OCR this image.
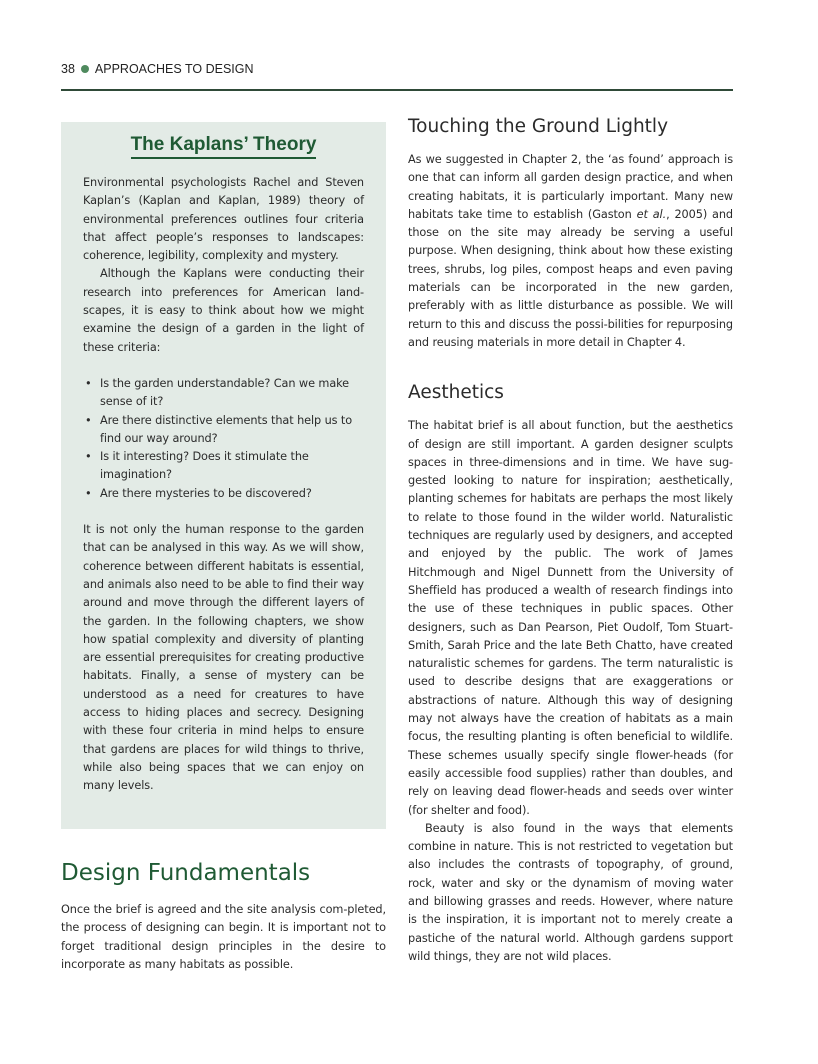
38 APPROACHES TO DESIGN
The Kaplans’ Theory

Environmental psychologists Rachel and Steven Kaplan’s (Kaplan and Kaplan, 1989) theory of environmental preferences outlines four criteria that affect people’s responses to landscapes: coherence, legibility, complexity and mystery.

Although the Kaplans were conducting their research into preferences for American land-scapes, it is easy to think about how we might examine the design of a garden in the light of these criteria:

• Is the garden understandable? Can we make sense of it?
• Are there distinctive elements that help us to find our way around?
• Is it interesting? Does it stimulate the imagination?
• Are there mysteries to be discovered?

It is not only the human response to the garden that can be analysed in this way. As we will show, coherence between different habitats is essential, and animals also need to be able to find their way around and move through the different layers of the garden. In the following chapters, we show how spatial complexity and diversity of planting are essential prerequisites for creating productive habitats. Finally, a sense of mystery can be understood as a need for creatures to have access to hiding places and secrecy. Designing with these four criteria in mind helps to ensure that gardens are places for wild things to thrive, while also being spaces that we can enjoy on many levels.

Design Fundamentals

Once the brief is agreed and the site analysis com-pleted, the process of designing can begin. It is important not to forget traditional design principles in the desire to incorporate as many habitats as possible.

Touching the Ground Lightly

As we suggested in Chapter 2, the ‘as found’ approach is one that can inform all garden design practice, and when creating habitats, it is particularly important. Many new habitats take time to establish (Gaston et al., 2005) and those on the site may already be serving a useful purpose. When designing, think about how these existing trees, shrubs, log piles, compost heaps and even paving materials can be incorporated in the new garden, preferably with as little disturbance as possible. We will return to this and discuss the possi-bilities for repurposing and reusing materials in more detail in Chapter 4.

Aesthetics

The habitat brief is all about function, but the aesthetics of design are still important. A garden designer sculpts spaces in three-dimensions and in time. We have sug-gested looking to nature for inspiration; aesthetically, planting schemes for habitats are perhaps the most likely to relate to those found in the wilder world. Naturalistic techniques are regularly used by designers, and accepted and enjoyed by the public. The work of James Hitchmough and Nigel Dunnett from the University of Sheffield has produced a wealth of research findings into the use of these techniques in public spaces. Other designers, such as Dan Pearson, Piet Oudolf, Tom Stuart-Smith, Sarah Price and the late Beth Chatto, have created naturalistic schemes for gardens. The term naturalistic is used to describe designs that are exaggerations or abstractions of nature. Although this way of designing may not always have the creation of habitats as a main focus, the resulting planting is often beneficial to wildlife. These schemes usually specify single flower-heads (for easily accessible food supplies) rather than doubles, and rely on leaving dead flower-heads and seeds over winter (for shelter and food).

Beauty is also found in the ways that elements combine in nature. This is not restricted to vegetation but also includes the contrasts of topography, of ground, rock, water and sky or the dynamism of moving water and billowing grasses and reeds. However, where nature is the inspiration, it is important not to merely create a pastiche of the natural world. Although gardens support wild things, they are not wild places.
